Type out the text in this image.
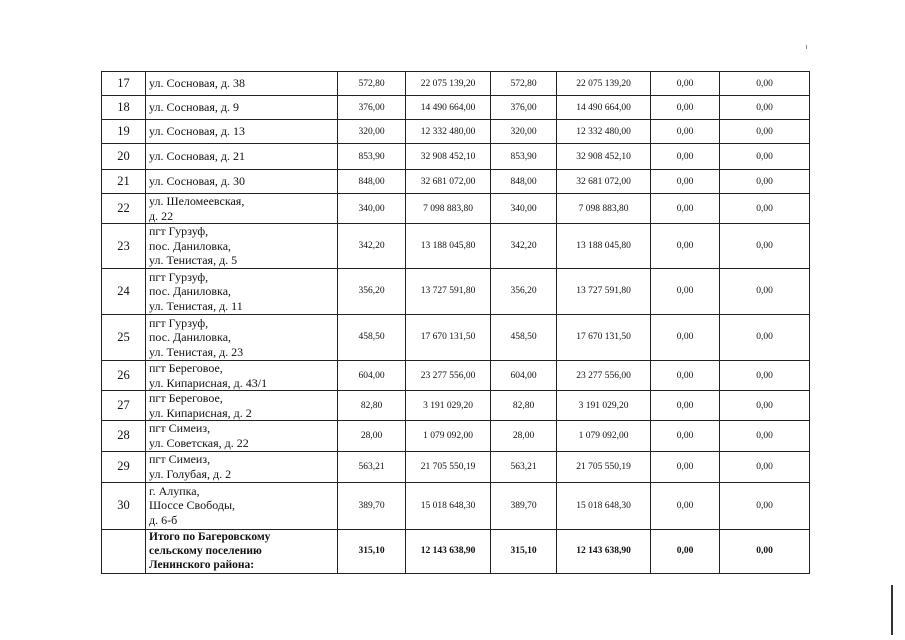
17	ул. Сосновая, д. 38	572,80	22 075 139,20	572,80	22 075 139,20	0,00	0,00
18	ул. Сосновая, д. 9	376,00	14 490 664,00	376,00	14 490 664,00	0,00	0,00
19	ул. Сосновая, д. 13	320,00	12 332 480,00	320,00	12 332 480,00	0,00	0,00
20	ул. Сосновая, д. 21	853,90	32 908 452,10	853,90	32 908 452,10	0,00	0,00
21	ул. Сосновая, д. 30	848,00	32 681 072,00	848,00	32 681 072,00	0,00	0,00
22	ул. Шеломеевская,
д. 22	340,00	7 098 883,80	340,00	7 098 883,80	0,00	0,00
23	пгт Гурзуф,
пос. Даниловка,
ул. Тенистая, д. 5	342,20	13 188 045,80	342,20	13 188 045,80	0,00	0,00
24	пгт Гурзуф,
пос. Даниловка,
ул. Тенистая, д. 11	356,20	13 727 591,80	356,20	13 727 591,80	0,00	0,00
25	пгт Гурзуф,
пос. Даниловка,
ул. Тенистая, д. 23	458,50	17 670 131,50	458,50	17 670 131,50	0,00	0,00
26	пгт Береговое,
ул. Кипарисная, д. 43/1	604,00	23 277 556,00	604,00	23 277 556,00	0,00	0,00
27	пгт Береговое,
ул. Кипарисная, д. 2	82,80	3 191 029,20	82,80	3 191 029,20	0,00	0,00
28	пгт Симеиз,
ул. Советская, д. 22	28,00	1 079 092,00	28,00	1 079 092,00	0,00	0,00
29	пгт Симеиз,
ул. Голубая, д. 2	563,21	21 705 550,19	563,21	21 705 550,19	0,00	0,00
30	г. Алупка,
Шоссе Свободы,
д. 6-б	389,70	15 018 648,30	389,70	15 018 648,30	0,00	0,00

	Итого по Багеровскому
сельскому поселению
Ленинского района:	315,10	12 143 638,90	315,10	12 143 638,90	0,00	0,00
